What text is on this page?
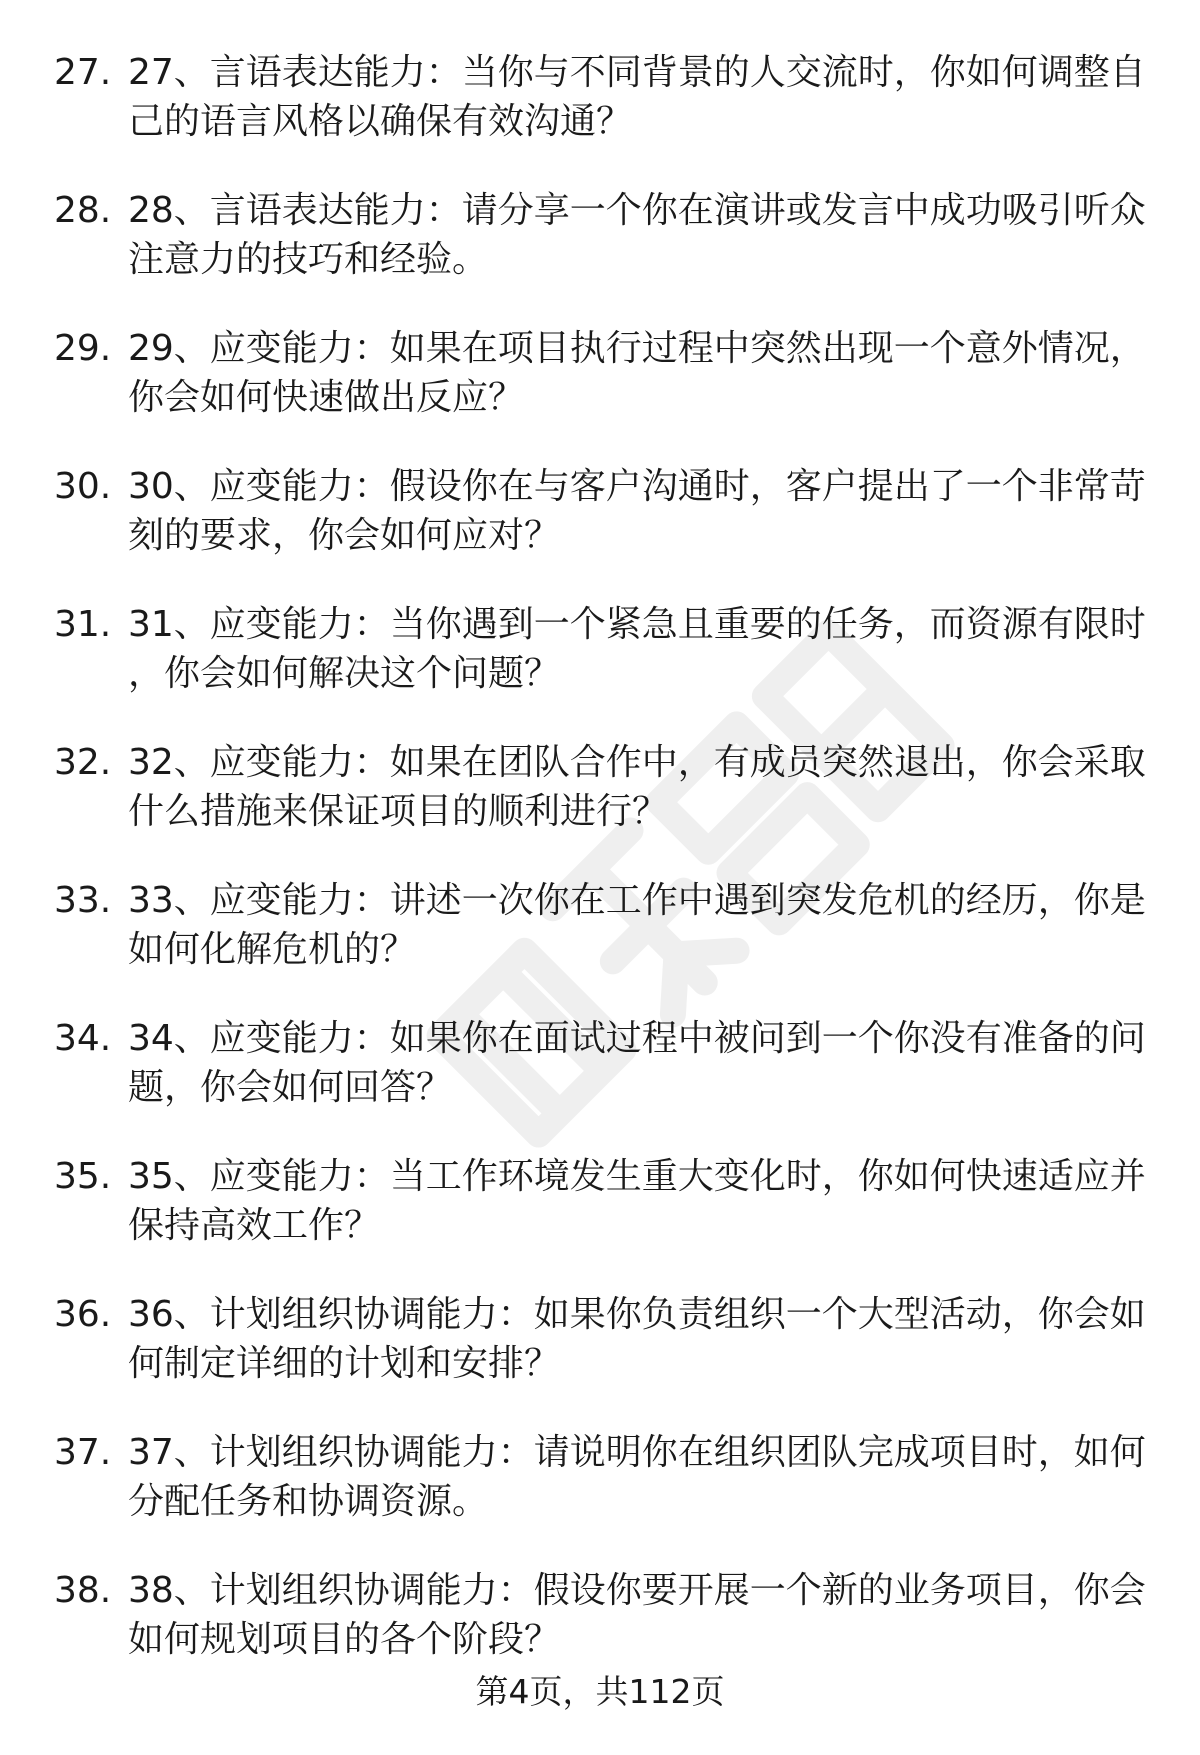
27. 27、言语表达能力：当你与不同背景的人交流时，你如何调整自己的语言风格以确保有效沟通？
28. 28、言语表达能力：请分享一个你在演讲或发言中成功吸引听众注意力的技巧和经验。
29. 29、应变能力：如果在项目执行过程中突然出现一个意外情况，你会如何快速做出反应？
30. 30、应变能力：假设你在与客户沟通时，客户提出了一个非常苛刻的要求，你会如何应对？
31. 31、应变能力：当你遇到一个紧急且重要的任务，而资源有限时，你会如何解决这个问题？
32. 32、应变能力：如果在团队合作中，有成员突然退出，你会采取什么措施来保证项目的顺利进行？
33. 33、应变能力：讲述一次你在工作中遇到突发危机的经历，你是如何化解危机的？
34. 34、应变能力：如果你在面试过程中被问到一个你没有准备的问题，你会如何回答？
35. 35、应变能力：当工作环境发生重大变化时，你如何快速适应并保持高效工作？
36. 36、计划组织协调能力：如果你负责组织一个大型活动，你会如何制定详细的计划和安排？
37. 37、计划组织协调能力：请说明你在组织团队完成项目时，如何分配任务和协调资源。
38. 38、计划组织协调能力：假设你要开展一个新的业务项目，你会如何规划项目的各个阶段？
第4页，共112页
